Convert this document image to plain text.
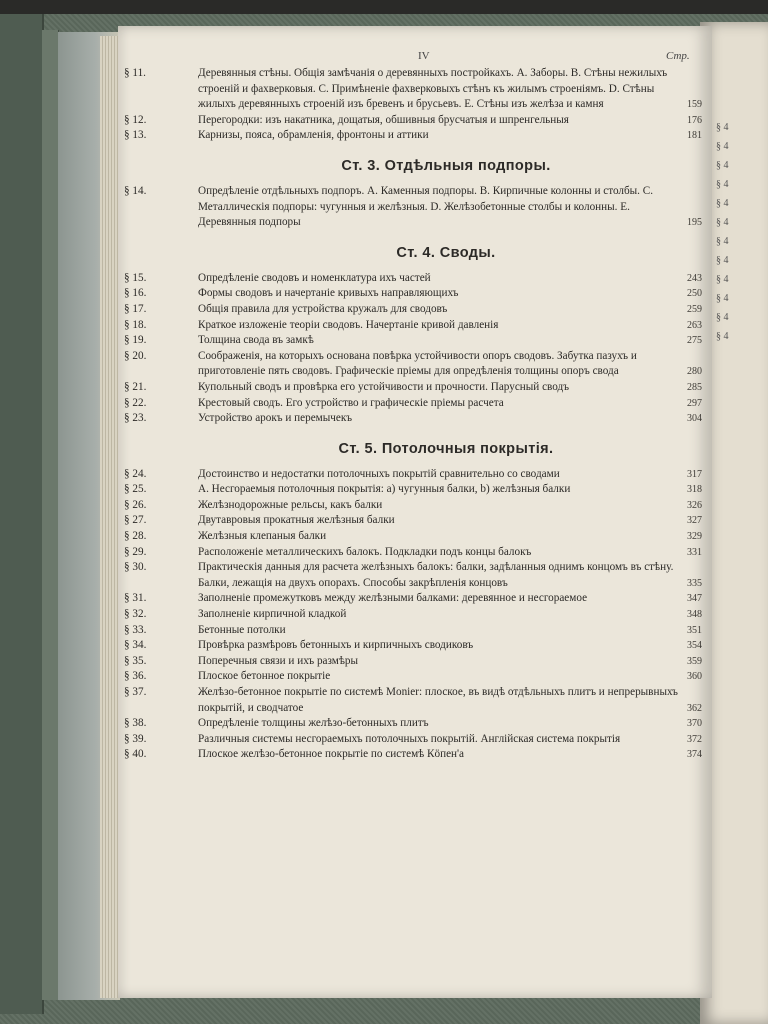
§ 4
§ 4
§ 4
§ 4
§ 4
§ 4
§ 4
§ 4
§ 4
§ 4
§ 4
§ 4
IV	Стр.
§ 11.	Деревянныя стѣны. Общія замѣчанія о деревянныхъ постройкахъ. А. Заборы. В. Стѣны нежилыхъ строеній и фахверковыя. С. Примѣненіе фахверковыхъ стѣнъ къ жилымъ строеніямъ. D. Стѣны жилыхъ деревянныхъ строеній изъ бревенъ и брусьевъ. Е. Стѣны изъ желѣза и камня	159
§ 12.	Перегородки: изъ накатника, дощатыя, обшивныя брусчатыя и шпренгельныя	176
§ 13.	Карнизы, пояса, обрамленія, фронтоны и аттики	181
Ст. 3. Отдѣльныя подпоры.
§ 14.	Опредѣленіе отдѣльныхъ подпоръ. А. Каменныя подпоры. В. Кирпичные колонны и столбы. С. Металлическія подпоры: чугунныя и желѣзныя. D. Желѣзобетонные столбы и колонны. Е. Деревянныя подпоры	195
Ст. 4. Своды.
§ 15.	Опредѣленіе сводовъ и номенклатура ихъ частей	243
§ 16.	Формы сводовъ и начертаніе кривыхъ направляющихъ	250
§ 17.	Общія правила для устройства кружалъ для сводовъ	259
§ 18.	Краткое изложеніе теоріи сводовъ. Начертаніе кривой давленія	263
§ 19.	Толщина свода въ замкѣ	275
§ 20.	Соображенія, на которыхъ основана повѣрка устойчивости опоръ сводовъ. Забутка пазухъ и приготовленіе пять сводовъ. Графическіе пріемы для опредѣленія толщины опоръ свода	280
§ 21.	Купольный сводъ и провѣрка его устойчивости и прочности. Парусный сводъ	285
§ 22.	Крестовый сводъ. Его устройство и графическіе пріемы расчета	297
§ 23.	Устройство арокъ и перемычекъ	304
Ст. 5. Потолочныя покрытія.
§ 24.	Достоинство и недостатки потолочныхъ покрытій сравнительно со сводами	317
§ 25.	А. Несгораемыя потолочныя покрытія: a) чугунныя балки, b) желѣзныя балки	318
§ 26.	Желѣзнодорожные рельсы, какъ балки	326
§ 27.	Двутавровыя прокатныя желѣзныя балки	327
§ 28.	Желѣзныя клепаныя балки	329
§ 29.	Расположеніе металлическихъ балокъ. Подкладки подъ концы балокъ	331
§ 30.	Практическія данныя для расчета желѣзныхъ балокъ: балки, задѣланныя однимъ концомъ въ стѣну. Балки, лежащія на двухъ опорахъ. Способы закрѣпленія концовъ	335
§ 31.	Заполненіе промежутковъ между желѣзными балками: деревянное и несгораемое	347
§ 32.	Заполненіе кирпичной кладкой	348
§ 33.	Бетонные потолки	351
§ 34.	Провѣрка размѣровъ бетонныхъ и кирпичныхъ сводиковъ	354
§ 35.	Поперечныя связи и ихъ размѣры	359
§ 36.	Плоское бетонное покрытіе	360
§ 37.	Желѣзо-бетонное покрытіе по системѣ Monier: плоское, въ видѣ отдѣльныхъ плитъ и непрерывныхъ покрытій, и сводчатое	362
§ 38.	Опредѣленіе толщины желѣзо-бетонныхъ плитъ	370
§ 39.	Различныя системы несгораемыхъ потолочныхъ покрытій. Англійская система покрытія	372
§ 40.	Плоское желѣзо-бетонное покрытіе по системѣ Кöпен'а	374
